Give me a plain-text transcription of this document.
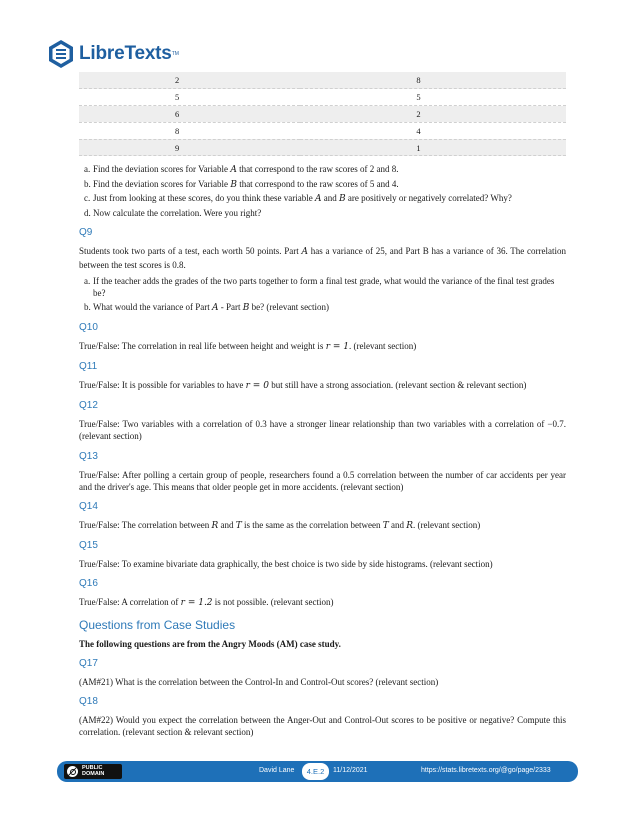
LibreTexts TM
2	8
5	5
6	2
8	4
9	1
a. Find the deviation scores for Variable A that correspond to the raw scores of 2 and 8.
b. Find the deviation scores for Variable B that correspond to the raw scores of 5 and 4.
c. Just from looking at these scores, do you think these variable A and B are positively or negatively correlated? Why?
d. Now calculate the correlation. Were you right?
Q9

Students took two parts of a test, each worth 50 points. Part A has a variance of 25, and Part B has a variance of 36. The correlation between the test scores is 0.8.

a. If the teacher adds the grades of the two parts together to form a final test grade, what would the variance of the final test grades be?
b. What would the variance of Part A - Part B be? (relevant section)
Q10

True/False: The correlation in real life between height and weight is r = 1. (relevant section)

Q11

True/False: It is possible for variables to have r = 0 but still have a strong association. (relevant section & relevant section)

Q12

True/False: Two variables with a correlation of 0.3 have a stronger linear relationship than two variables with a correlation of −0.7. (relevant section)

Q13

True/False: After polling a certain group of people, researchers found a 0.5 correlation between the number of car accidents per year and the driver's age. This means that older people get in more accidents. (relevant section)

Q14

True/False: The correlation between R and T is the same as the correlation between T and R. (relevant section)

Q15

True/False: To examine bivariate data graphically, the best choice is two side by side histograms. (relevant section)

Q16

True/False: A correlation of r = 1.2 is not possible. (relevant section)

Questions from Case Studies

The following questions are from the Angry Moods (AM) case study.

Q17

(AM#21) What is the correlation between the Control-In and Control-Out scores? (relevant section)

Q18

(AM#22) Would you expect the correlation between the Anger-Out and Control-Out scores to be positive or negative? Compute this correlation. (relevant section & relevant section)

PUBLIC
DOMAIN	David Lane	4.E.2	11/12/2021	https://stats.libretexts.org/@go/page/2333
